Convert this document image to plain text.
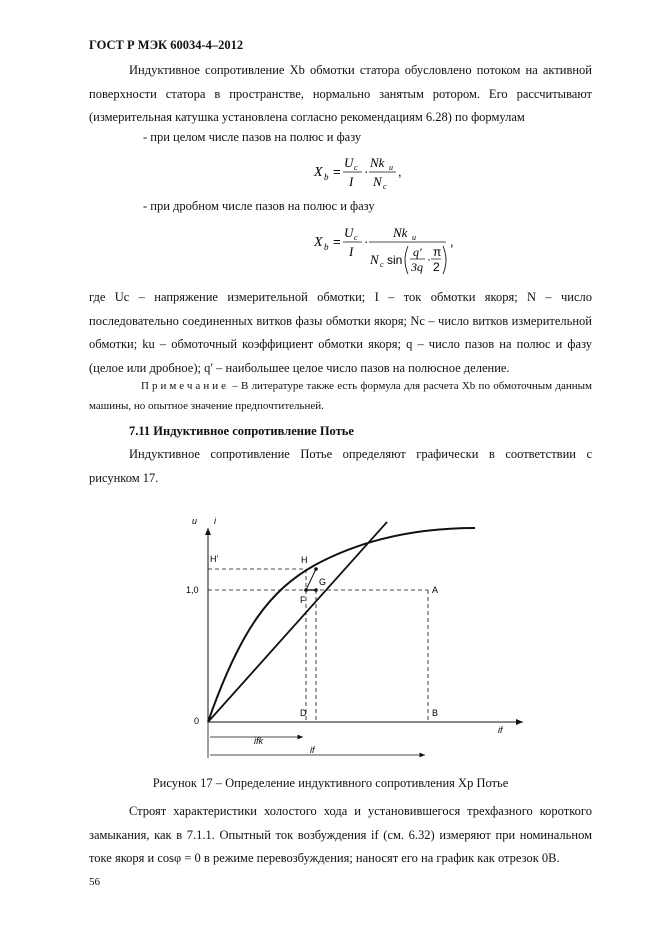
ГОСТ Р МЭК 60034-4–2012
Индуктивное сопротивление Xb обмотки статора обусловлено потоком на активной поверхности статора в пространстве, нормально занятым ротором. Его рассчитывают (измерительная катушка установлена согласно рекомендациям 6.28) по формулам
- при целом числе пазов на полюс и фазу
X b =
U c
I
·
Nk u
N c
,
- при дробном числе пазов на полюс и фазу
X b =
U c
I
·
Nk u
N c sin
q′
3q
· π
2
,
где Uc – напряжение измерительной обмотки; I – ток обмотки якоря; N – число последовательно соединенных витков фазы обмотки якоря; Nc – число витков измерительной обмотки; ku – обмоточный коэффициент обмотки якоря; q – число пазов на полюс и фазу (целое или дробное); q′ – наибольшее целое число пазов на полюсное деление.
Примечание – В литературе также есть формула для расчета Xb по обмоточным данным машины, но опытное значение предпочтительней.
7.11 Индуктивное сопротивление Потье
Индуктивное сопротивление Потье определяют графически в соответствии с рисунком 17.
u i
if
H'	H
G
F
A
B
D
0
1,0
ifk
if
Рисунок 17 – Определение индуктивного сопротивления Xp Потье
Строят характеристики холостого хода и установившегося трехфазного короткого замыкания, как в 7.1.1. Опытный ток возбуждения if (см. 6.32) измеряют при номинальном токе якоря и cosφ = 0 в режиме перевозбуждения; наносят его на график как отрезок 0B.
56
